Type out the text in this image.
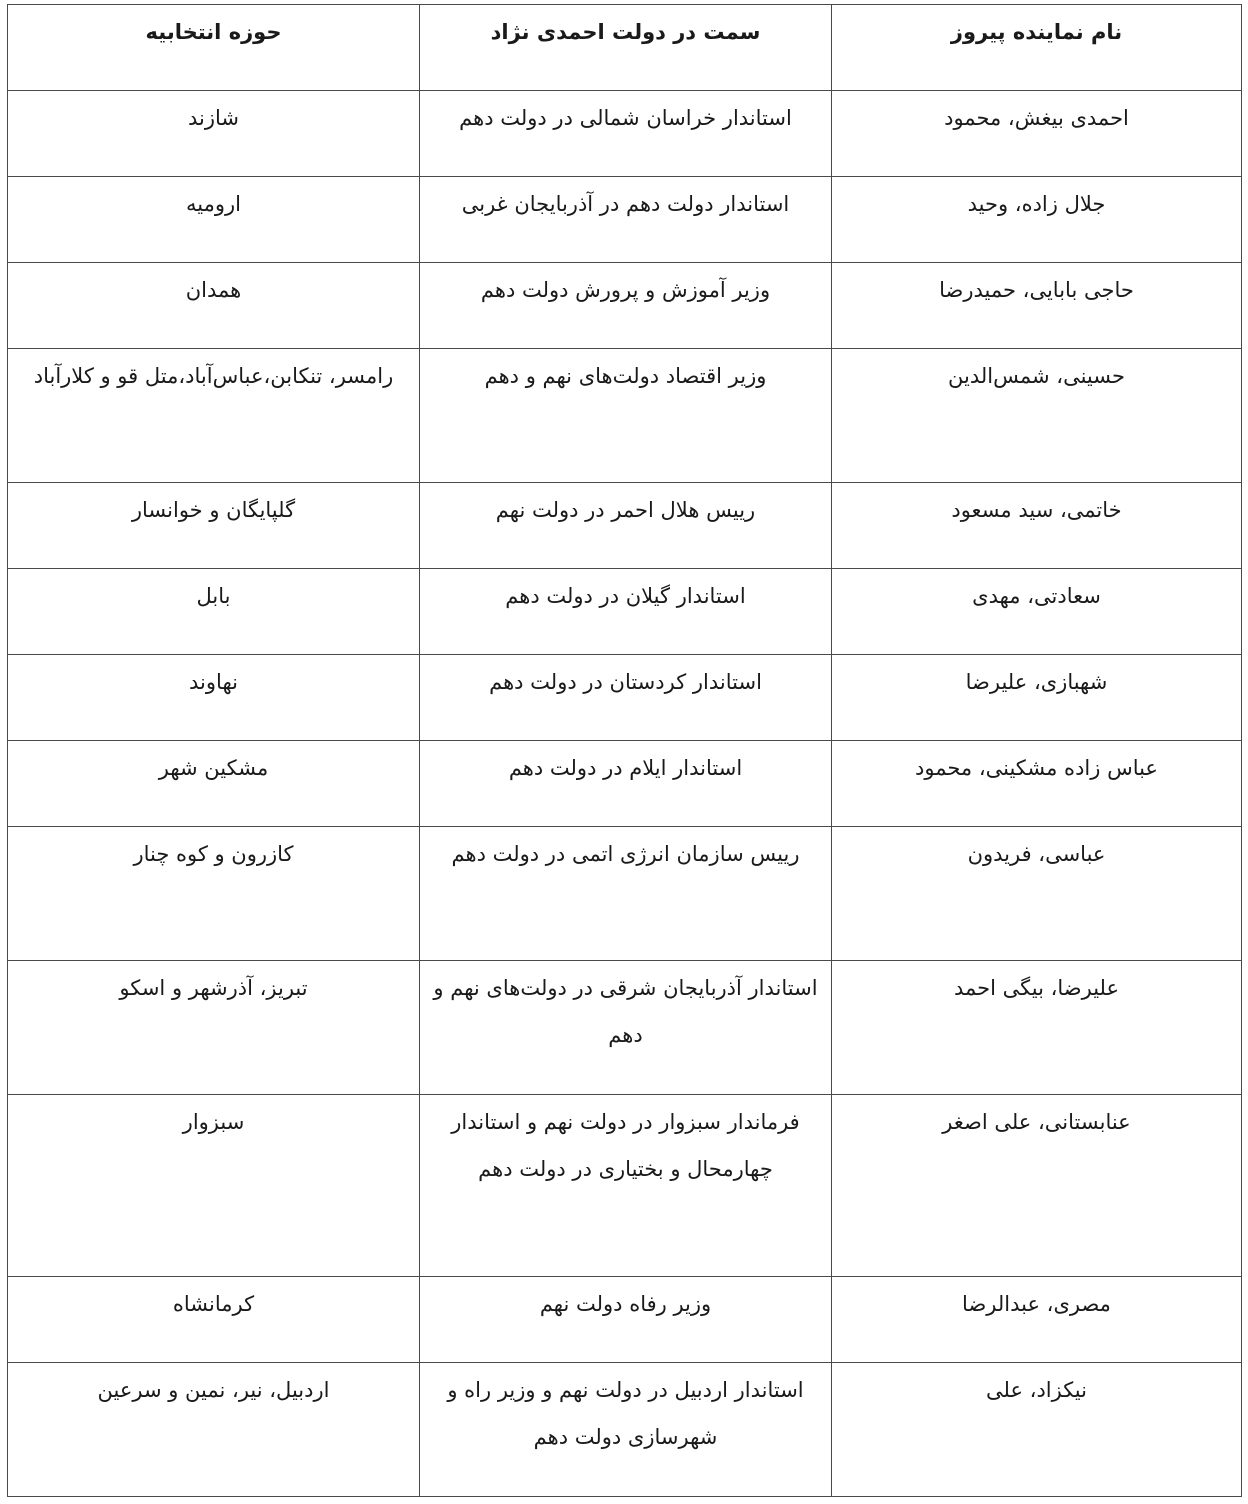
نام نماینده پیروز	سمت در دولت احمدی نژاد	حوزه انتخابیه
احمدی بیغش، محمود	استاندار خراسان شمالی در دولت دهم	شازند
جلال زاده، وحید	استاندار دولت دهم در آذربایجان غربی	ارومیه
حاجی بابایی، حمیدرضا	وزیر آموزش و پرورش دولت دهم	همدان
حسینی، شمس‌الدین	وزیر اقتصاد دولت‌های نهم و دهم	رامسر، تنکابن،عباس‌آباد،متل قو و کلارآباد
خاتمی، سید مسعود	رییس هلال احمر در دولت نهم	گلپایگان و خوانسار
سعادتی، مهدی	استاندار گیلان در دولت دهم	بابل
شهبازی، علیرضا	استاندار کردستان در دولت دهم	نهاوند
عباس زاده مشکینی، محمود	استاندار ایلام در دولت دهم	مشکین شهر
عباسی، فریدون	رییس سازمان انرژی اتمی در دولت دهم	کازرون و کوه چنار
علیرضا، بیگی احمد	استاندار آذربایجان شرقی در دولت‌های نهم و دهم	تبریز، آذرشهر و اسکو
عنابستانی، علی اصغر	فرماندار سبزوار در دولت نهم و استاندار چهارمحال و بختیاری در دولت دهم	سبزوار
مصری، عبدالرضا	وزیر رفاه دولت نهم	کرمانشاه
نیکزاد، علی	استاندار اردبیل در دولت نهم و وزیر راه و شهرسازی دولت دهم	اردبیل، نیر، نمین و سرعین
